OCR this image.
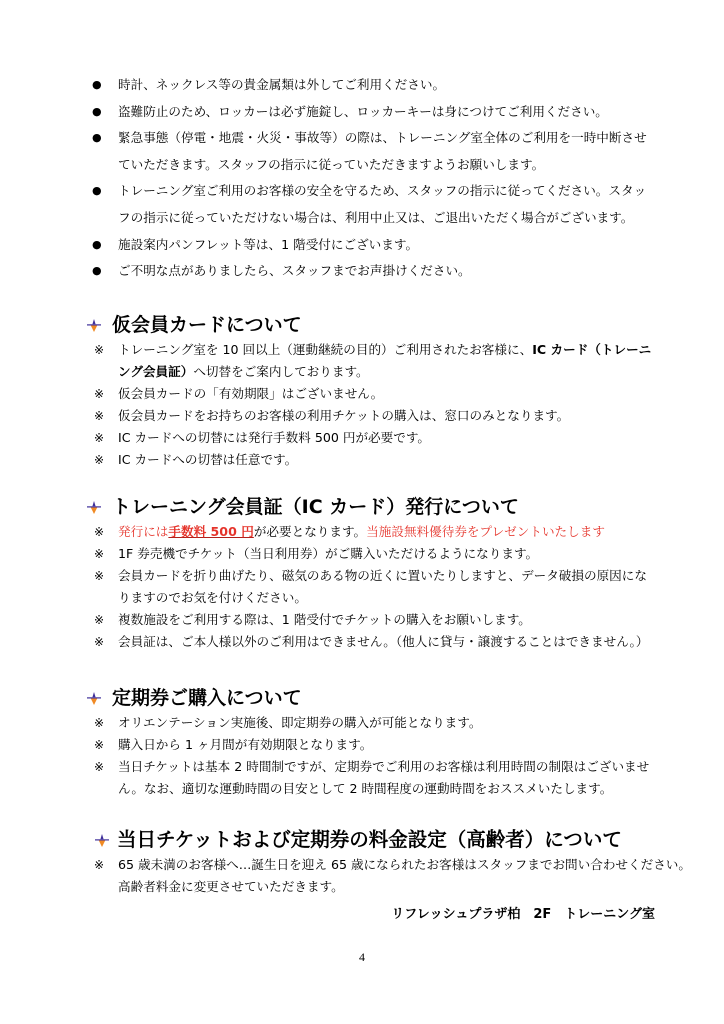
●	時計、ネックレス等の貴金属類は外してご利用ください。
●	盗難防止のため、ロッカーは必ず施錠し、ロッカーキーは身につけてご利用ください。
●	緊急事態（停電・地震・火災・事故等）の際は、トレーニング室全体のご利用を一時中断させ
ていただきます。スタッフの指示に従っていただきますようお願いします。
●	トレーニング室ご利用のお客様の安全を守るため、スタッフの指示に従ってください。スタッ
フの指示に従っていただけない場合は、利用中止又は、ご退出いただく場合がございます。
●	施設案内パンフレット等は、1 階受付にございます。
●	ご不明な点がありましたら、スタッフまでお声掛けください。
仮会員カードについて
※	トレーニング室を 10 回以上（運動継続の目的）ご利用されたお客様に、IC カード（トレーニ
ング会員証）へ切替をご案内しております。
※	仮会員カードの「有効期限」はございません。
※	仮会員カードをお持ちのお客様の利用チケットの購入は、窓口のみとなります。
※	IC カードへの切替には発行手数料 500 円が必要です。
※	IC カードへの切替は任意です。
トレーニング会員証（IC カード）発行について
※	発行には手数料 500 円が必要となります。当施設無料優待券をプレゼントいたします
※	1F 券売機でチケット（当日利用券）がご購入いただけるようになります。
※	会員カードを折り曲げたり、磁気のある物の近くに置いたりしますと、データ破損の原因にな
りますのでお気を付けください。
※	複数施設をご利用する際は、1 階受付でチケットの購入をお願いします。
※	会員証は、ご本人様以外のご利用はできません。（他人に貸与・譲渡することはできません。）
定期券ご購入について
※	オリエンテーション実施後、即定期券の購入が可能となります。
※	購入日から 1 ヶ月間が有効期限となります。
※	当日チケットは基本 2 時間制ですが、定期券でご利用のお客様は利用時間の制限はございませ
ん。なお、適切な運動時間の目安として 2 時間程度の運動時間をおススメいたします。
当日チケットおよび定期券の料金設定（高齢者）について
※	65 歳未満のお客様へ…誕生日を迎え 65 歳になられたお客様はスタッフまでお問い合わせください。
高齢者料金に変更させていただきます。
リフレッシュプラザ柏　2F　トレーニング室
4
